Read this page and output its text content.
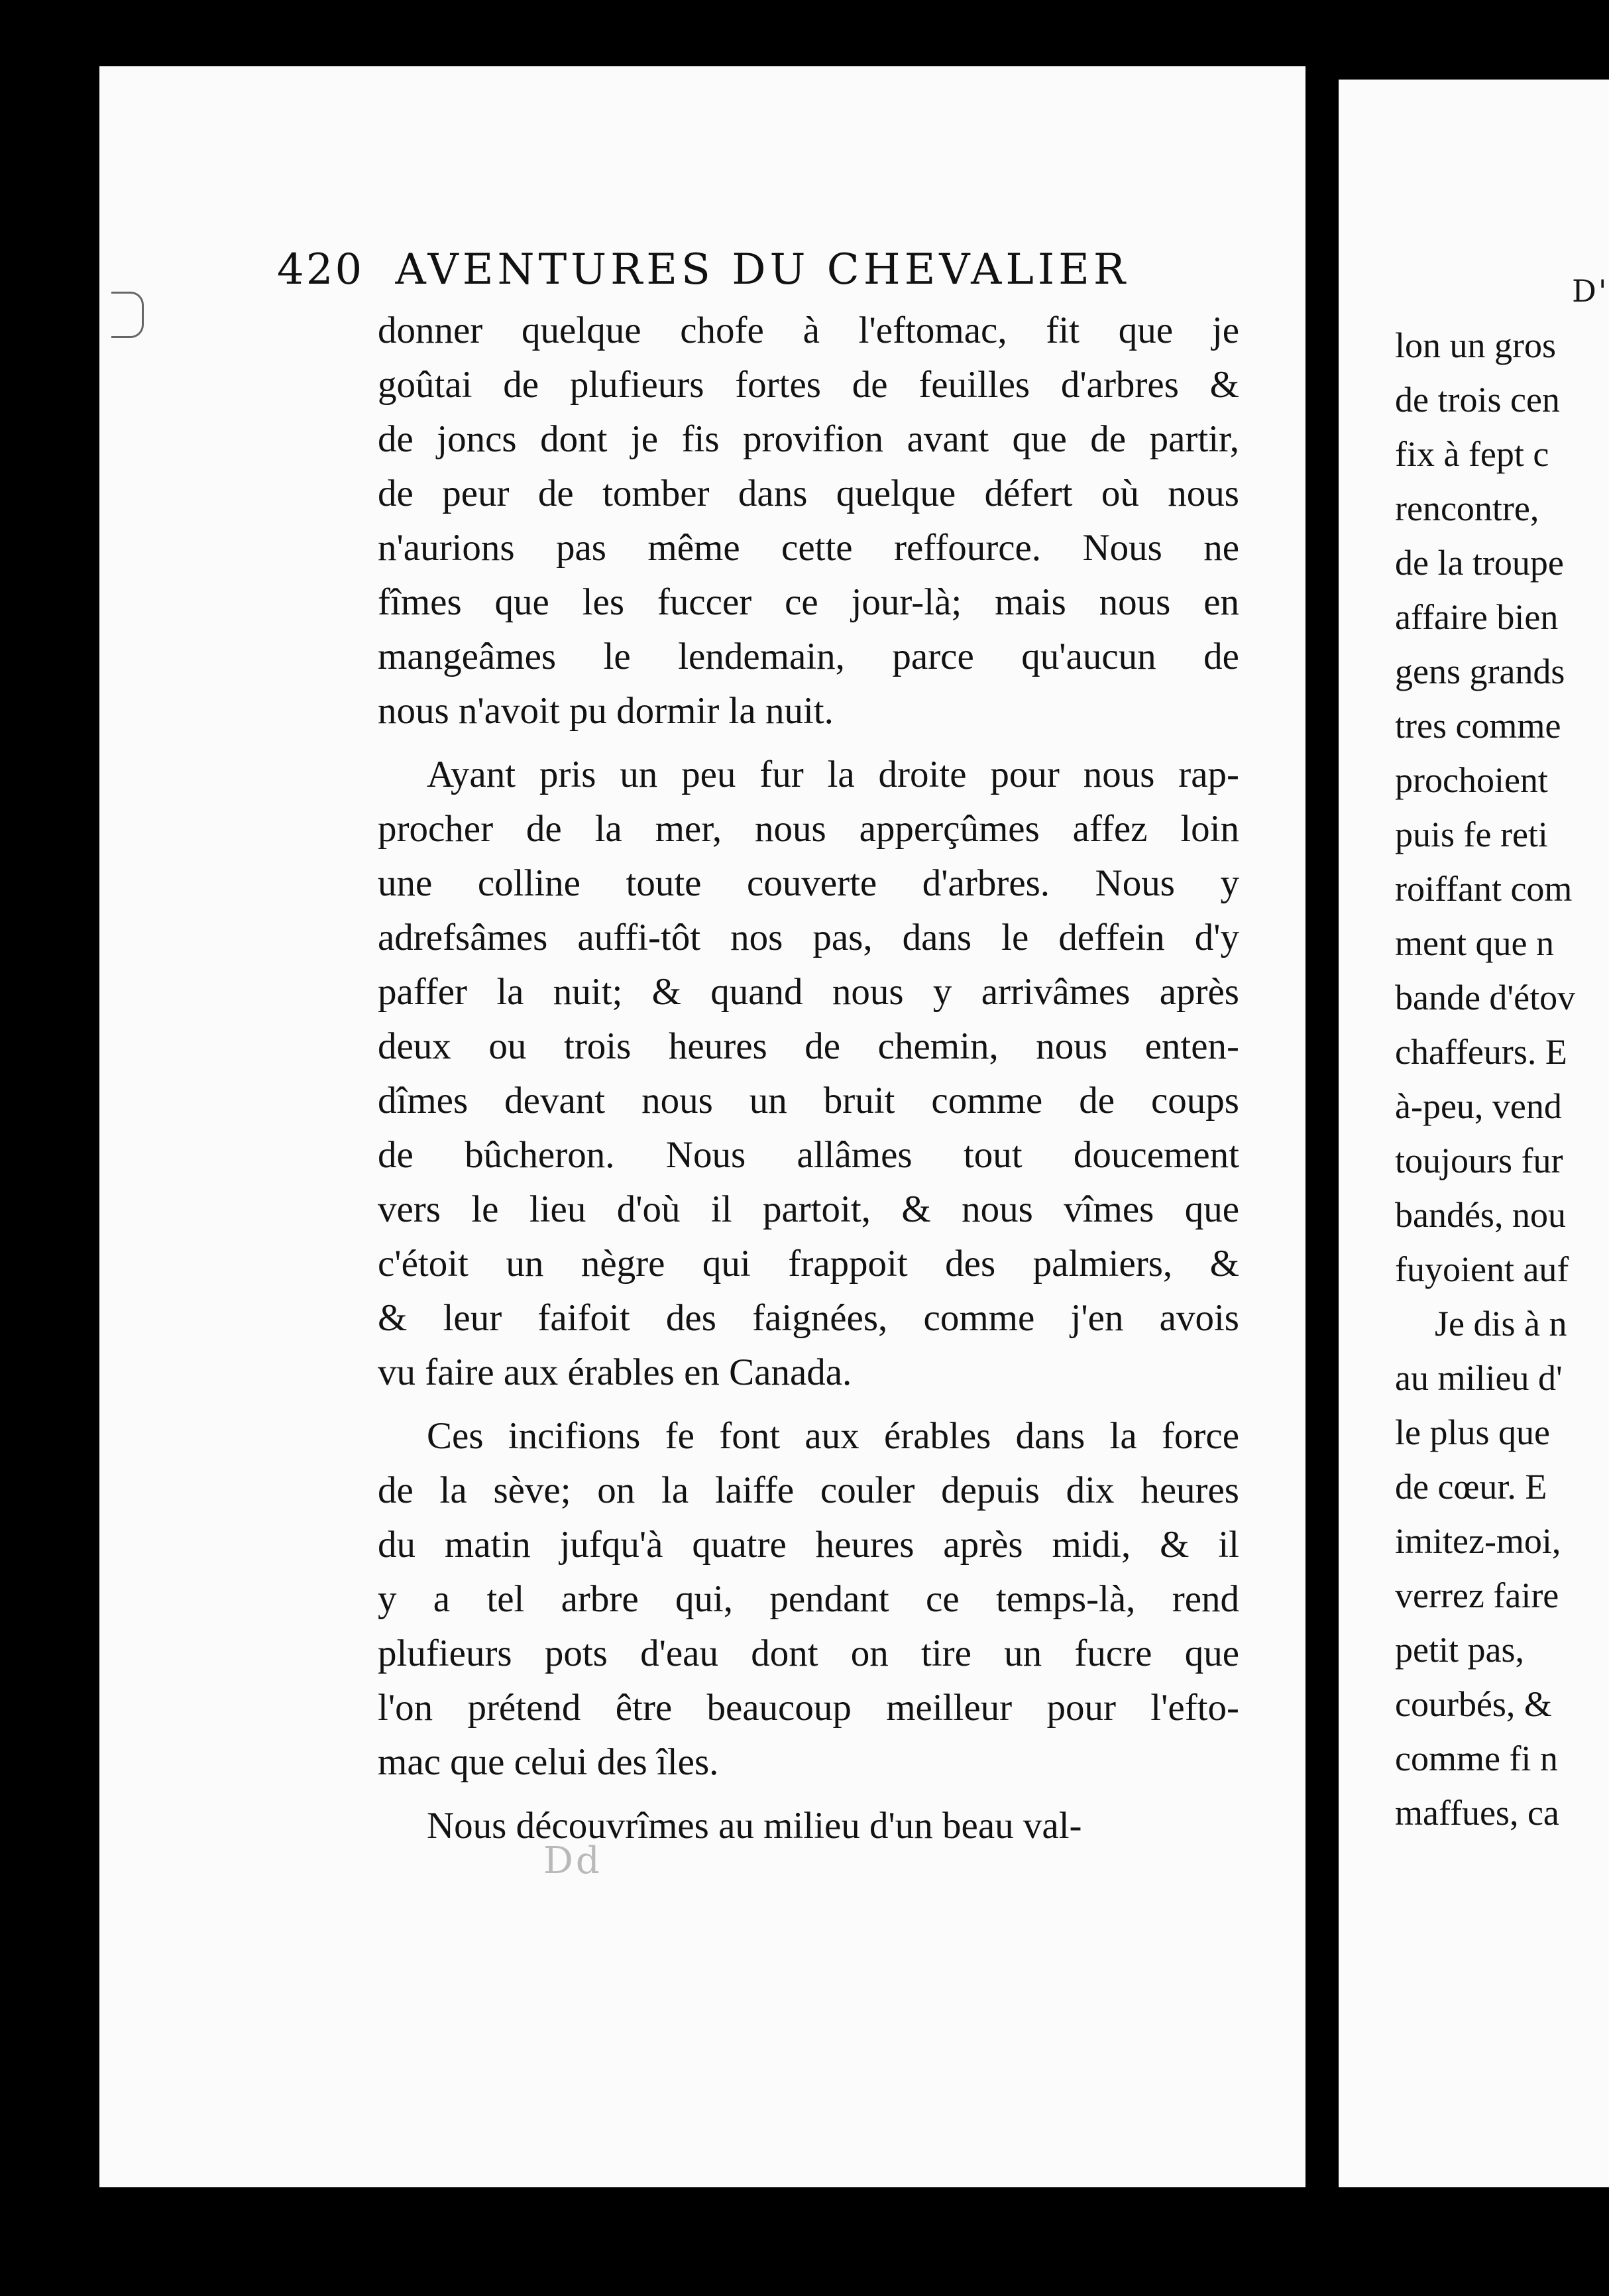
420 AVENTURES DU CHEVALIER
donner quelque chofe à l'eftomac, fit que je
goûtai de plufieurs fortes de feuilles d'arbres &
de joncs dont je fis provifion avant que de partir,
de peur de tomber dans quelque défert où nous
n'aurions pas même cette reffource. Nous ne
fîmes que les fuccer ce jour-là; mais nous en
mangeâmes le lendemain, parce qu'aucun de
nous n'avoit pu dormir la nuit.
Ayant pris un peu fur la droite pour nous rap-
procher de la mer, nous apperçûmes affez loin
une colline toute couverte d'arbres. Nous y
adrefsâmes auffi-tôt nos pas, dans le deffein d'y
paffer la nuit; & quand nous y arrivâmes après
deux ou trois heures de chemin, nous enten-
dîmes devant nous un bruit comme de coups
de bûcheron. Nous allâmes tout doucement
vers le lieu d'où il partoit, & nous vîmes que
c'étoit un nègre qui frappoit des palmiers, &
& leur faifoit des faignées, comme j'en avois
vu faire aux érables en Canada.
Ces incifions fe font aux érables dans la force
de la sève; on la laiffe couler depuis dix heures
du matin jufqu'à quatre heures après midi, & il
y a tel arbre qui, pendant ce temps-là, rend
plufieurs pots d'eau dont on tire un fucre que
l'on prétend être beaucoup meilleur pour l'efto-
mac que celui des îles.
Nous découvrîmes au milieu d'un beau val-
Dd
D'
lon un gros
de trois cen
fix à fept c
rencontre,
de la troupe
affaire bien
gens grands
tres comme
prochoient
puis fe reti
roiffant com
ment que n
bande d'étov
chaffeurs. E
à-peu, vend
toujours fur
bandés, nou
fuyoient auf
Je dis à n
au milieu d'
le plus que
de cœur. E
imitez-moi,
verrez faire
petit pas,
courbés, &
comme fi n
maffues, ca
